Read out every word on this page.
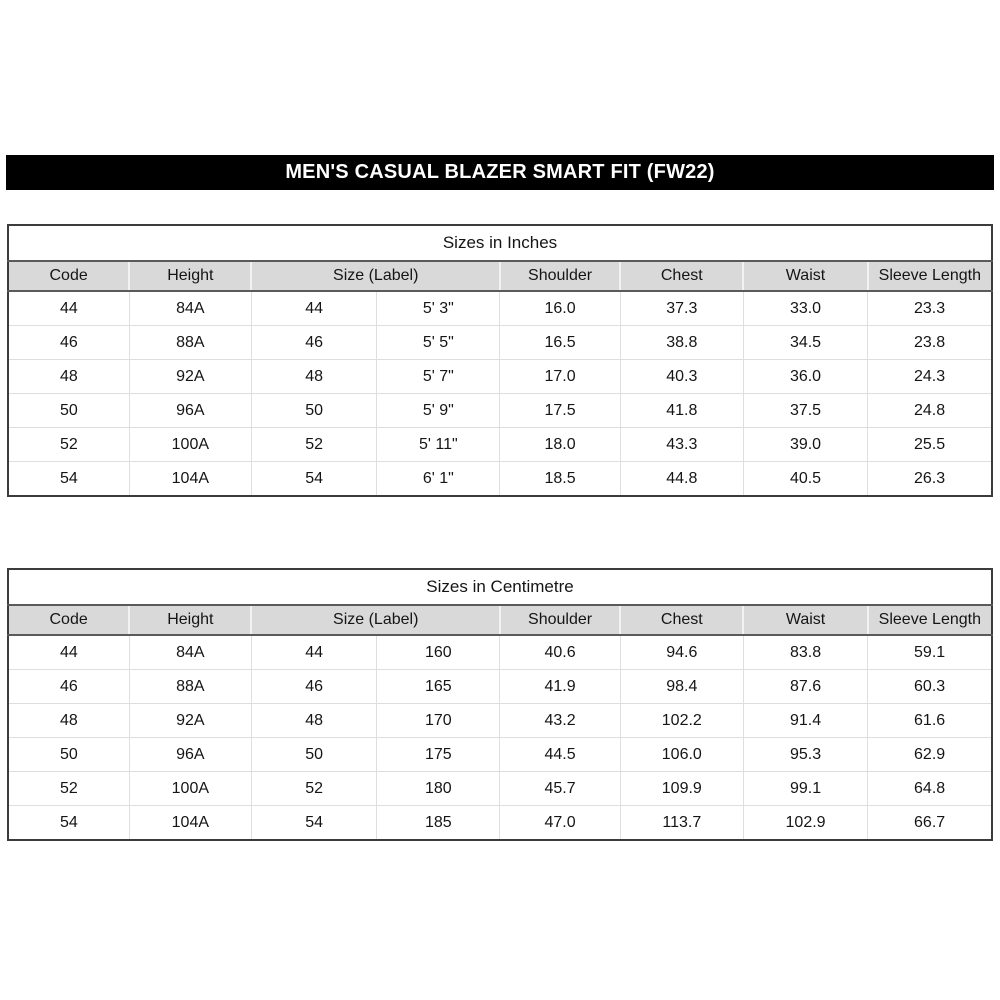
MEN'S CASUAL BLAZER SMART FIT (FW22)
Sizes in Inches							
Code	Height	Size (Label)		Shoulder	Chest	Waist	Sleeve Length
44	84A	44	5' 3"	16.0	37.3	33.0	23.3
46	88A	46	5' 5"	16.5	38.8	34.5	23.8
48	92A	48	5' 7"	17.0	40.3	36.0	24.3
50	96A	50	5' 9"	17.5	41.8	37.5	24.8
52	100A	52	5' 11"	18.0	43.3	39.0	25.5
54	104A	54	6' 1"	18.5	44.8	40.5	26.3
Sizes in Centimetre							
Code	Height	Size (Label)		Shoulder	Chest	Waist	Sleeve Length
44	84A	44	160	40.6	94.6	83.8	59.1
46	88A	46	165	41.9	98.4	87.6	60.3
48	92A	48	170	43.2	102.2	91.4	61.6
50	96A	50	175	44.5	106.0	95.3	62.9
52	100A	52	180	45.7	109.9	99.1	64.8
54	104A	54	185	47.0	113.7	102.9	66.7
